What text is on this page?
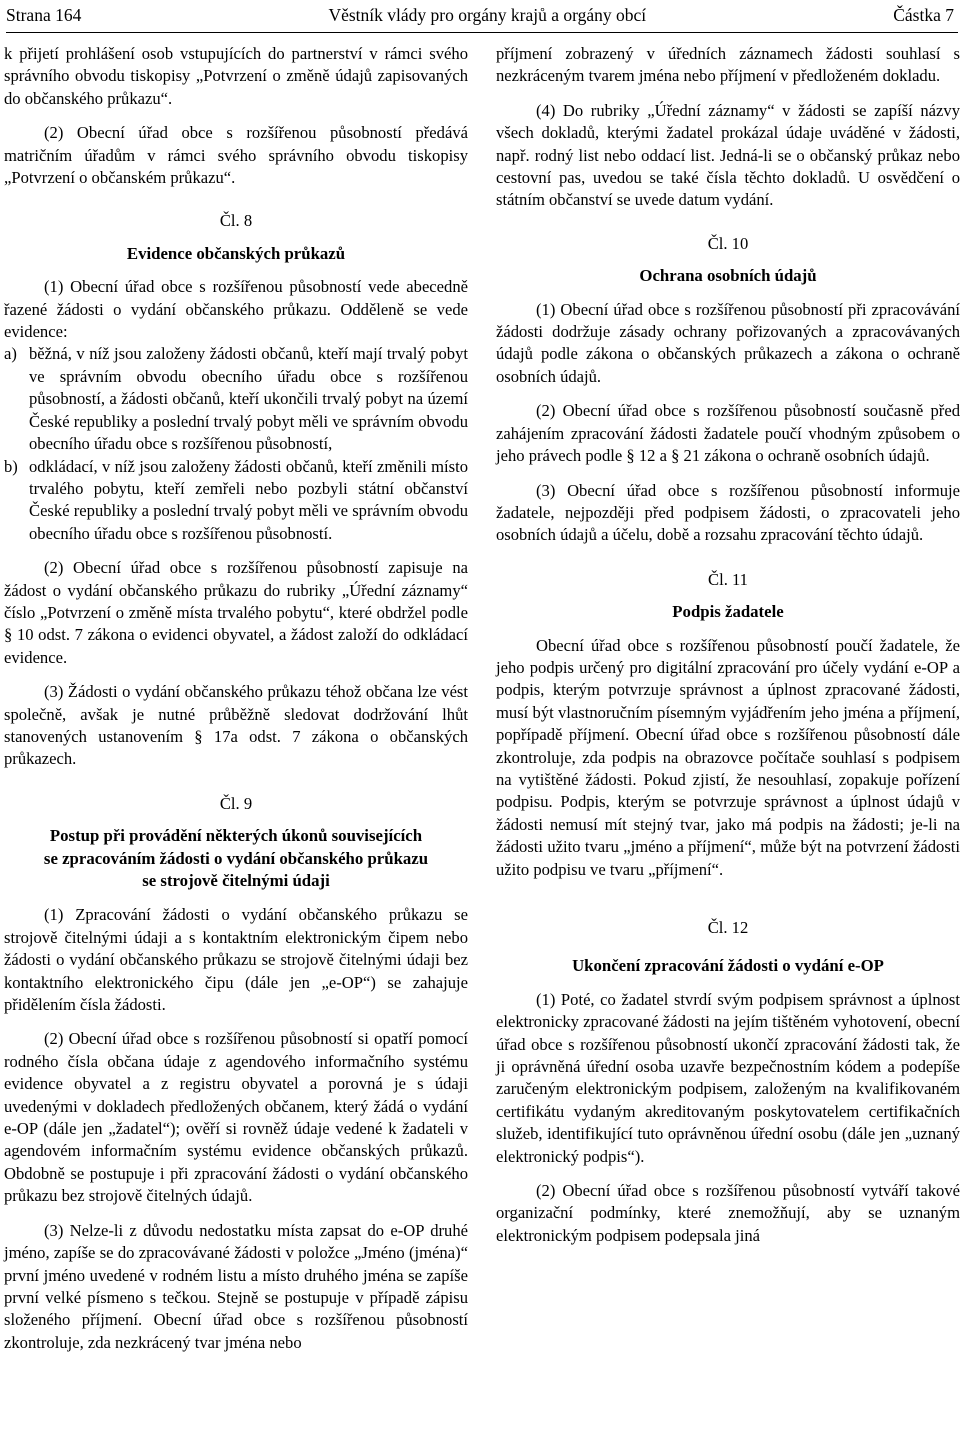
Strana 164	Věstník vlády pro orgány krajů a orgány obcí	Částka 7

k přijetí prohlášení osob vstupujících do partnerství v rámci svého správního obvodu tiskopisy „Potvrzení o změně údajů zapisovaných do občanského průkazu“.

(2) Obecní úřad obce s rozšířenou působností předává matričním úřadům v rámci svého správního obvodu tiskopisy „Potvrzení o občanském průkazu“.

Čl. 8
Evidence občanských průkazů

(1) Obecní úřad obce s rozšířenou působností vede abecedně řazené žádosti o vydání občanského průkazu. Odděleně se vede evidence:

a) běžná, v níž jsou založeny žádosti občanů, kteří mají trvalý pobyt ve správním obvodu obecního úřadu obce s rozšířenou působností, a žádosti občanů, kteří ukončili trvalý pobyt na území České republiky a poslední trvalý pobyt měli ve správním obvodu obecního úřadu obce s rozšířenou působností,
b) odkládací, v níž jsou založeny žádosti občanů, kteří změnili místo trvalého pobytu, kteří zemřeli nebo pozbyli státní občanství České republiky a poslední trvalý pobyt měli ve správním obvodu obecního úřadu obce s rozšířenou působností.

(2) Obecní úřad obce s rozšířenou působností zapisuje na žádost o vydání občanského průkazu do rubriky „Úřední záznamy“ číslo „Potvrzení o změně místa trvalého pobytu“, které obdržel podle § 10 odst. 7 zákona o evidenci obyvatel, a žádost založí do odkládací evidence.

(3) Žádosti o vydání občanského průkazu téhož občana lze vést společně, avšak je nutné průběžně sledovat dodržování lhůt stanovených ustanovením § 17a odst. 7 zákona o občanských průkazech.

Čl. 9
Postup při provádění některých úkonů souvisejících
se zpracováním žádosti o vydání občanského průkazu
se strojově čitelnými údaji

(1) Zpracování žádosti o vydání občanského průkazu se strojově čitelnými údaji a s kontaktním elektronickým čipem nebo žádosti o vydání občanského průkazu se strojově čitelnými údaji bez kontaktního elektronického čipu (dále jen „e-OP“) se zahajuje přidělením čísla žádosti.

(2) Obecní úřad obce s rozšířenou působností si opatří pomocí rodného čísla občana údaje z agendového informačního systému evidence obyvatel a z registru obyvatel a porovná je s údaji uvedenými v dokladech předložených občanem, který žádá o vydání e-OP (dále jen „žadatel“); ověří si rovněž údaje vedené k žadateli v agendovém informačním systému evidence občanských průkazů. Obdobně se postupuje i při zpracování žádosti o vydání občanského průkazu bez strojově čitelných údajů.

(3) Nelze-li z důvodu nedostatku místa zapsat do e-OP druhé jméno, zapíše se do zpracovávané žádosti v položce „Jméno (jména)“ první jméno uvedené v rodném listu a místo druhého jména se zapíše první velké písmeno s tečkou. Stejně se postupuje v případě zápisu složeného příjmení. Obecní úřad obce s rozšířenou působností zkontroluje, zda nezkrácený tvar jména nebo

příjmení zobrazený v úředních záznamech žádosti souhlasí s nezkráceným tvarem jména nebo příjmení v předloženém dokladu.

(4) Do rubriky „Úřední záznamy“ v žádosti se zapíší názvy všech dokladů, kterými žadatel prokázal údaje uváděné v žádosti, např. rodný list nebo oddací list. Jedná-li se o občanský průkaz nebo cestovní pas, uvedou se také čísla těchto dokladů. U osvědčení o státním občanství se uvede datum vydání.

Čl. 10
Ochrana osobních údajů

(1) Obecní úřad obce s rozšířenou působností při zpracovávání žádosti dodržuje zásady ochrany pořizovaných a zpracovávaných údajů podle zákona o občanských průkazech a zákona o ochraně osobních údajů.

(2) Obecní úřad obce s rozšířenou působností současně před zahájením zpracování žádosti žadatele poučí vhodným způsobem o jeho právech podle § 12 a § 21 zákona o ochraně osobních údajů.

(3) Obecní úřad obce s rozšířenou působností informuje žadatele, nejpozději před podpisem žádosti, o zpracovateli jeho osobních údajů a účelu, době a rozsahu zpracování těchto údajů.

Čl. 11
Podpis žadatele

Obecní úřad obce s rozšířenou působností poučí žadatele, že jeho podpis určený pro digitální zpracování pro účely vydání e-OP a podpis, kterým potvrzuje správnost a úplnost zpracované žádosti, musí být vlastnoručním písemným vyjádřením jeho jména a příjmení, popřípadě příjmení. Obecní úřad obce s rozšířenou působností dále zkontroluje, zda podpis na obrazovce počítače souhlasí s podpisem na vytištěné žádosti. Pokud zjistí, že nesouhlasí, zopakuje pořízení podpisu. Podpis, kterým se potvrzuje správnost a úplnost údajů v žádosti nemusí mít stejný tvar, jako má podpis na žádosti; je-li na žádosti užito tvaru „jméno a příjmení“, může být na potvrzení žádosti užito podpisu ve tvaru „příjmení“.

Čl. 12
Ukončení zpracování žádosti o vydání e-OP

(1) Poté, co žadatel stvrdí svým podpisem správnost a úplnost elektronicky zpracované žádosti na jejím tištěném vyhotovení, obecní úřad obce s rozšířenou působností ukončí zpracování žádosti tak, že ji oprávněná úřední osoba uzavře bezpečnostním kódem a podepíše zaručeným elektronickým podpisem, založeným na kvalifikovaném certifikátu vydaným akreditovaným poskytovatelem certifikačních služeb, identifikující tuto oprávněnou úřední osobu (dále jen „uznaný elektronický podpis“).

(2) Obecní úřad obce s rozšířenou působností vytváří takové organizační podmínky, které znemožňují, aby se uznaným elektronickým podpisem podepsala jiná
